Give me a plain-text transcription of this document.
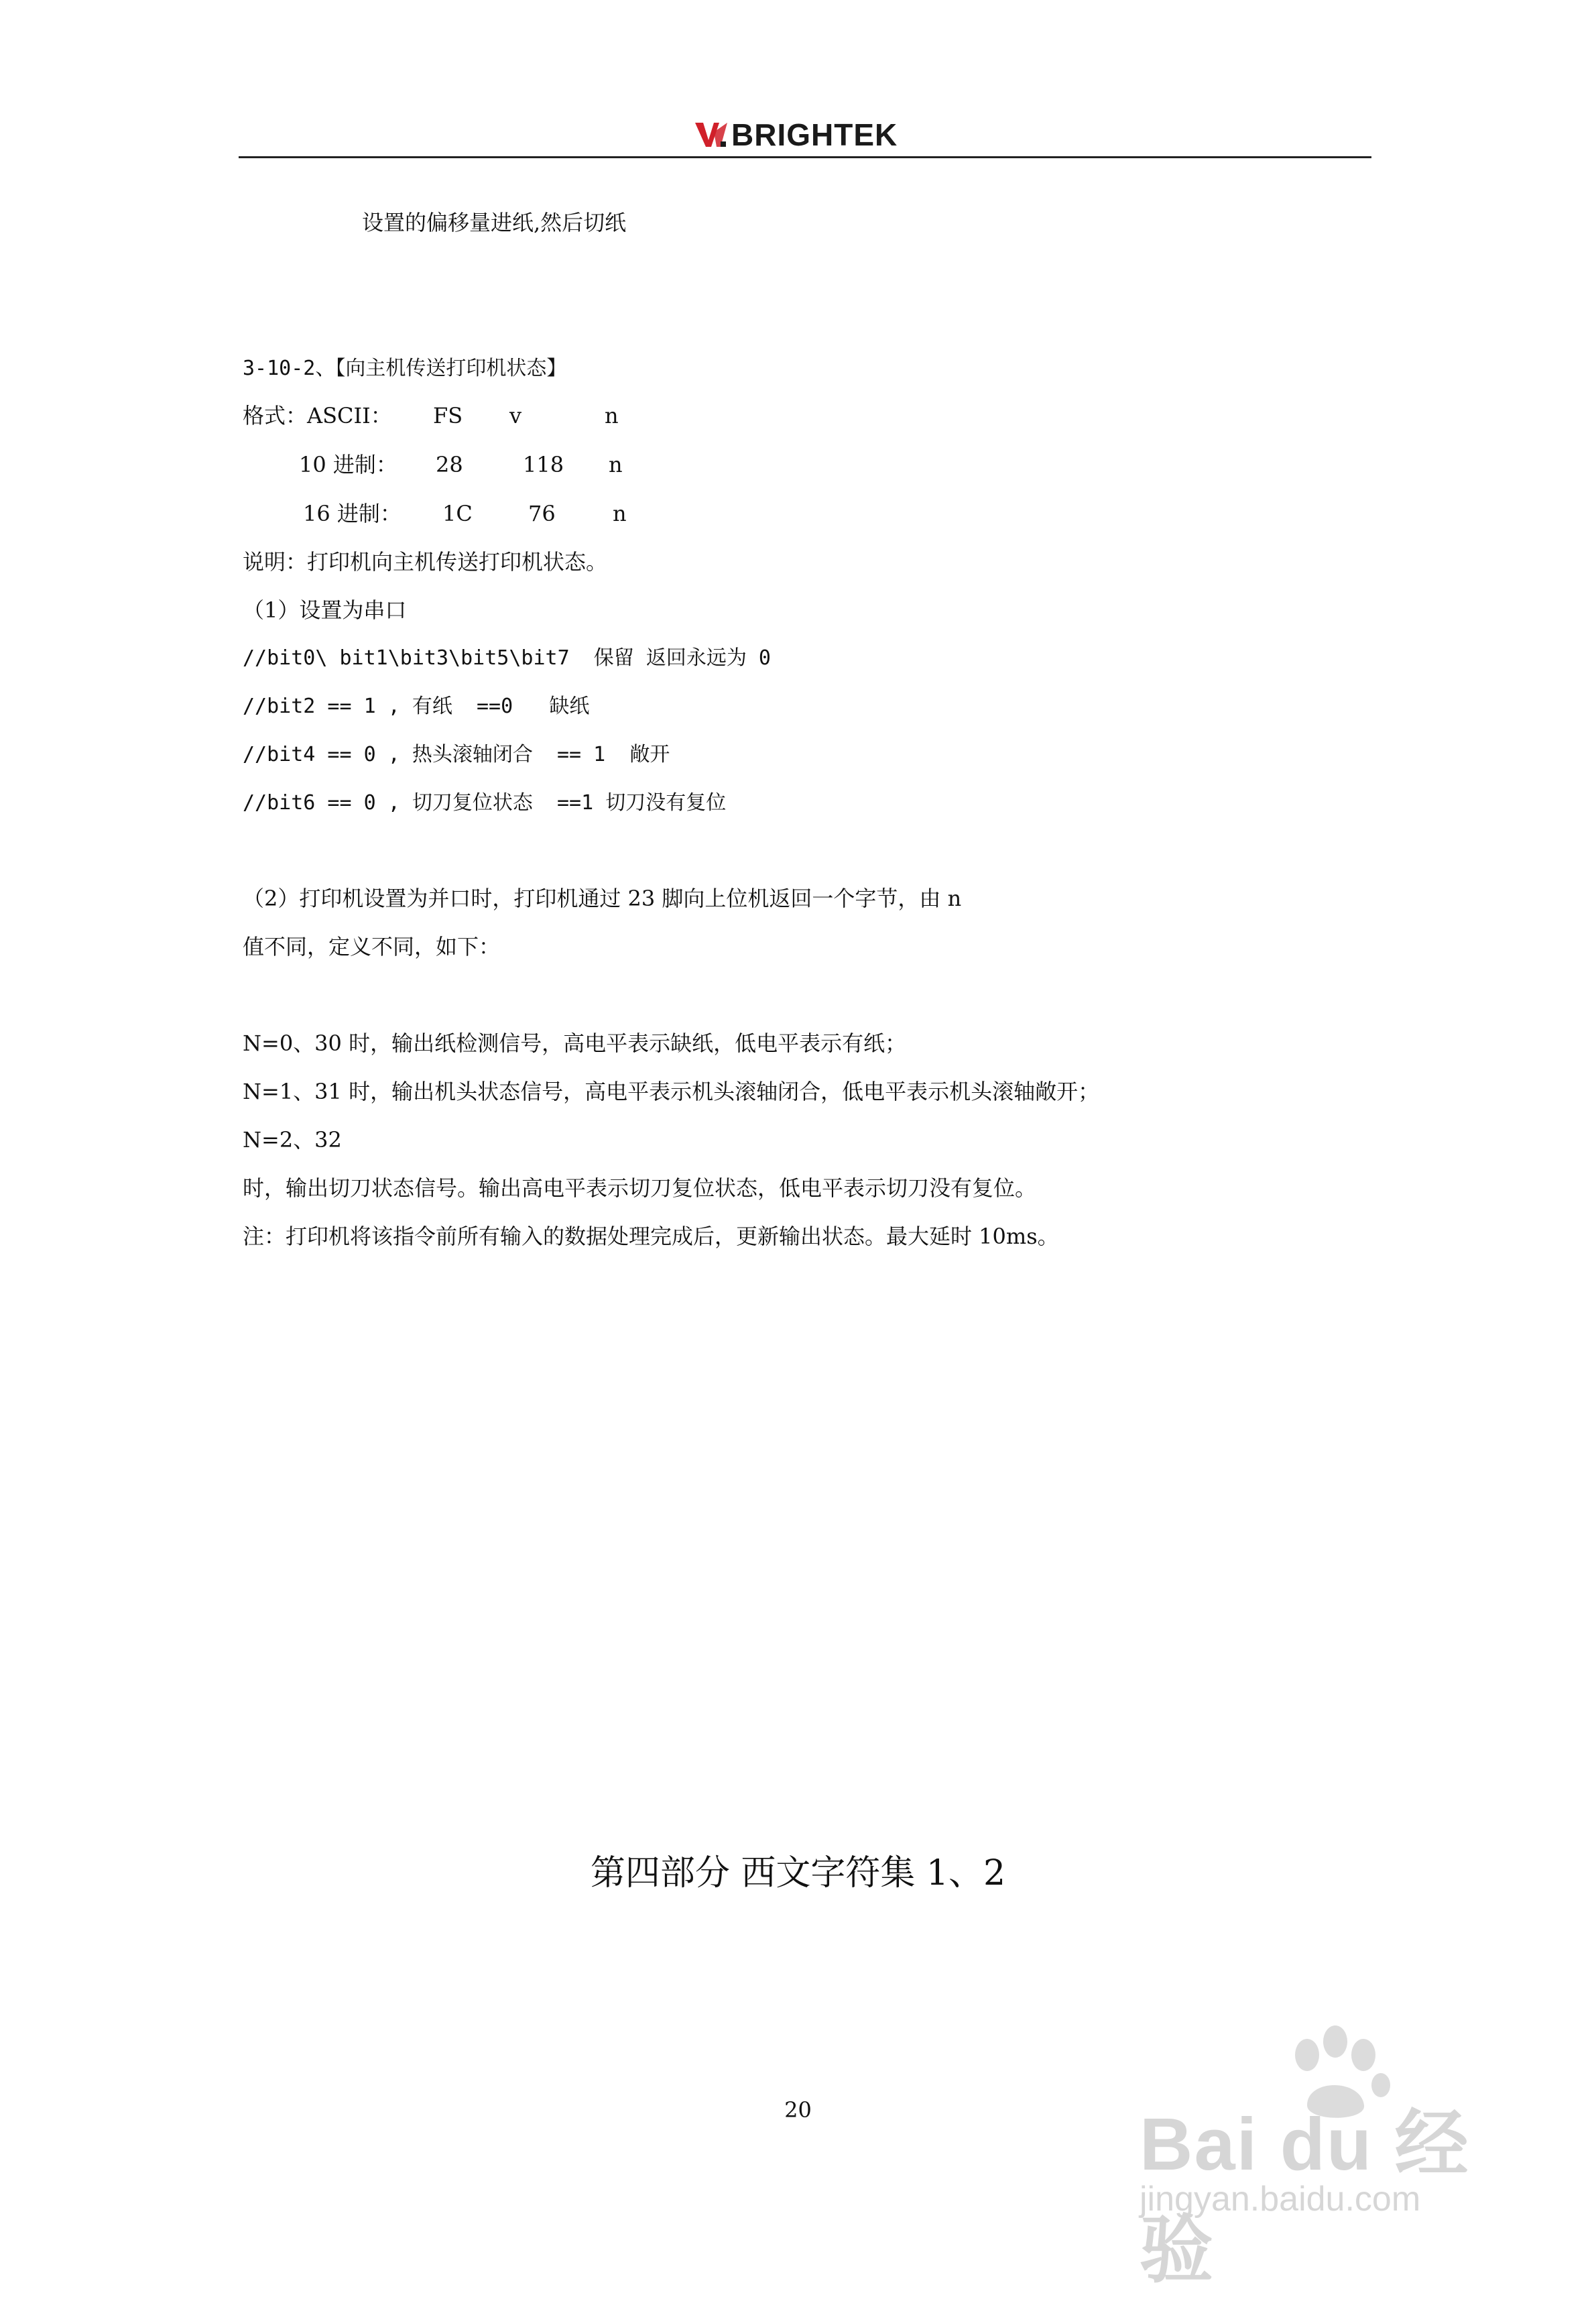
BRIGHTEK
设置的偏移量进纸,然后切纸
3-10-2、【向主机传送打印机状态】
格式：ASCII： FS v	n
10 进制： 28	118 n
16 进制： 1C	76	n
说明：打印机向主机传送打印机状态。
（1）设置为串口
//bit0\ bit1\bit3\bit5\bit7  保留 返回永远为 0
//bit2 == 1 , 有纸  ==0   缺纸
//bit4 == 0 , 热头滚轴闭合  == 1  敞开
//bit6 == 0 , 切刀复位状态  ==1 切刀没有复位
（2）打印机设置为并口时，打印机通过 23 脚向上位机返回一个字节，由 n
值不同，定义不同，如下：
N=0、30 时，输出纸检测信号，高电平表示缺纸，低电平表示有纸；
N=1、31 时，输出机头状态信号，高电平表示机头滚轴闭合，低电平表示机头滚轴敞开；
N=2、32
时，输出切刀状态信号。输出高电平表示切刀复位状态，低电平表示切刀没有复位。
注：打印机将该指令前所有输入的数据处理完成后，更新输出状态。最大延时 10ms。
第四部分 西文字符集 1、2
20	Bai du 经验
jingyan.baidu.com
